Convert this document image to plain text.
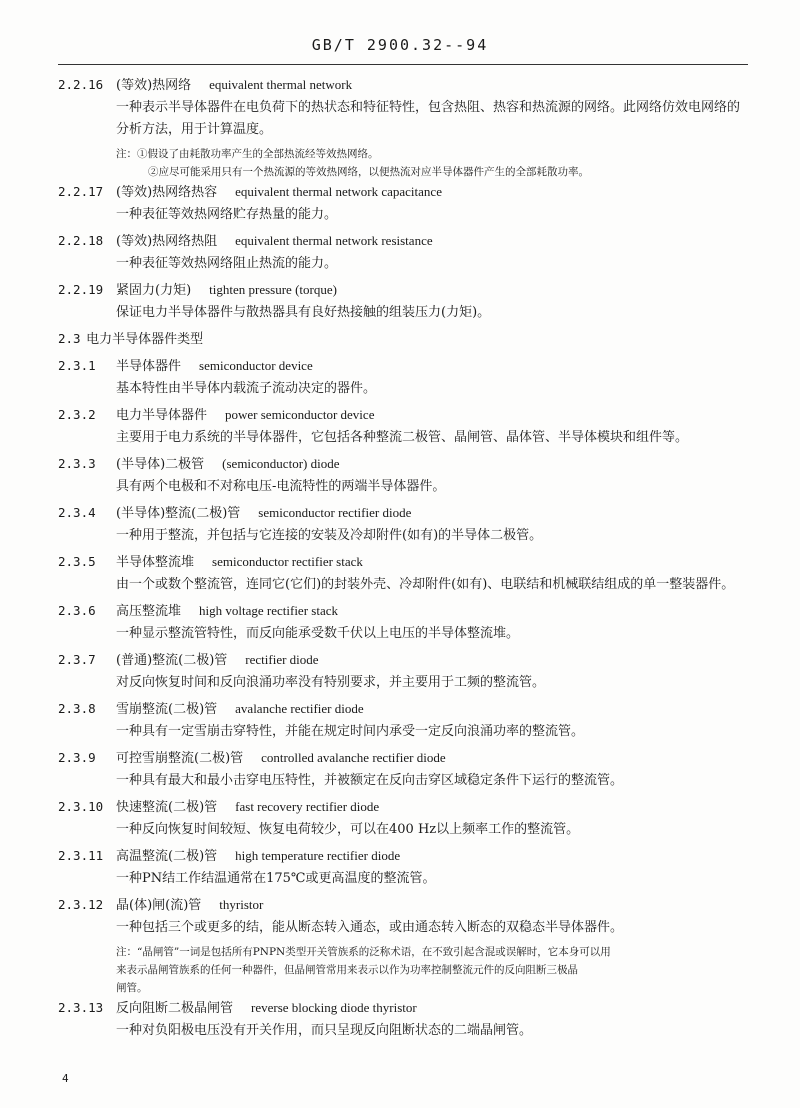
GB/T 2900.32--94
2.2.16 (等效)热网络 equivalent thermal network
一种表示半导体器件在电负荷下的热状态和特征特性，包含热阻、热容和热流源的网络。此网络仿效电网络的分析方法，用于计算温度。
注：①假设了由耗散功率产生的全部热流经等效热网络。
②应尽可能采用只有一个热流源的等效热网络，以便热流对应半导体器件产生的全部耗散功率。
2.2.17 (等效)热网络热容 equivalent thermal network capacitance
一种表征等效热网络贮存热量的能力。
2.2.18 (等效)热网络热阻 equivalent thermal network resistance
一种表征等效热网络阻止热流的能力。
2.2.19 紧固力(力矩) tighten pressure (torque)
保证电力半导体器件与散热器具有良好热接触的组装压力(力矩)。
2.3 电力半导体器件类型
2.3.1	半导体器件 semiconductor device
基本特性由半导体内载流子流动决定的器件。
2.3.2	电力半导体器件 power semiconductor device
主要用于电力系统的半导体器件，它包括各种整流二极管、晶闸管、晶体管、半导体模块和组件等。
2.3.3	(半导体)二极管 (semiconductor) diode
具有两个电极和不对称电压-电流特性的两端半导体器件。
2.3.4	(半导体)整流(二极)管 semiconductor rectifier diode
一种用于整流，并包括与它连接的安装及冷却附件(如有)的半导体二极管。
2.3.5	半导体整流堆 semiconductor rectifier stack
由一个或数个整流管，连同它(它们)的封装外壳、冷却附件(如有)、电联结和机械联结组成的单一整装器件。
2.3.6	高压整流堆 high voltage rectifier stack
一种显示整流管特性，而反向能承受数千伏以上电压的半导体整流堆。
2.3.7	(普通)整流(二极)管 rectifier diode
对反向恢复时间和反向浪涌功率没有特别要求，并主要用于工频的整流管。
2.3.8	雪崩整流(二极)管 avalanche rectifier diode
一种具有一定雪崩击穿特性，并能在规定时间内承受一定反向浪涌功率的整流管。
2.3.9	可控雪崩整流(二极)管 controlled avalanche rectifier diode
一种具有最大和最小击穿电压特性，并被额定在反向击穿区域稳定条件下运行的整流管。
2.3.10 快速整流(二极)管 fast recovery rectifier diode
一种反向恢复时间较短、恢复电荷较少，可以在400 Hz以上频率工作的整流管。
2.3.11 高温整流(二极)管 high temperature rectifier diode
一种PN结工作结温通常在175℃或更高温度的整流管。
2.3.12 晶(体)闸(流)管 thyristor
一种包括三个或更多的结，能从断态转入通态，或由通态转入断态的双稳态半导体器件。
注：“晶闸管”一词是包括所有PNPN类型开关管族系的泛称术语，在不致引起含混或误解时，它本身可以用
来表示晶闸管族系的任何一种器件，但晶闸管常用来表示以作为功率控制整流元件的反向阻断三极晶
闸管。
2.3.13 反向阻断二极晶闸管 reverse blocking diode thyristor
一种对负阳极电压没有开关作用，而只呈现反向阻断状态的二端晶闸管。
4
